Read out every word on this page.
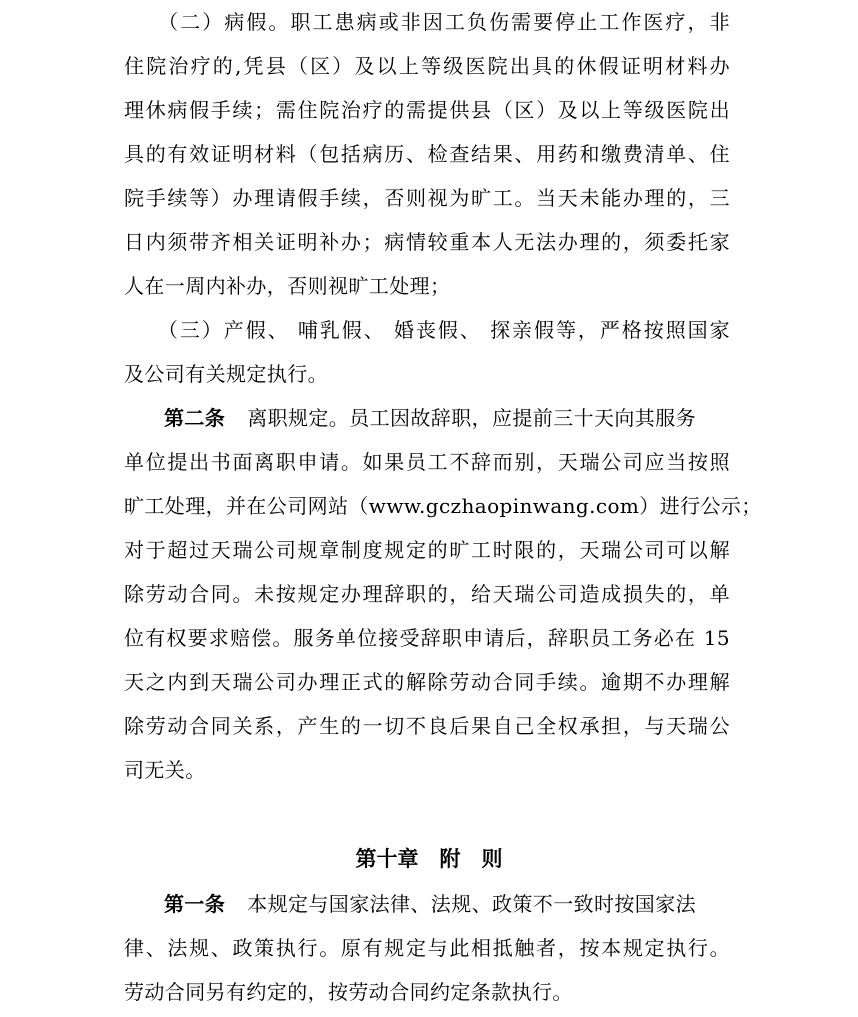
　　（二）病假。职工患病或非因工负伤需要停止工作医疗，非
住院治疗的,凭县（区）及以上等级医院出具的休假证明材料办
理休病假手续；需住院治疗的需提供县（区）及以上等级医院出
具的有效证明材料（包括病历、检查结果、用药和缴费清单、住
院手续等）办理请假手续，否则视为旷工。当天未能办理的，三
日内须带齐相关证明补办；病情较重本人无法办理的，须委托家
人在一周内补办，否则视旷工处理；
　　（三）产假、 哺乳假、 婚丧假、 探亲假等，严格按照国家
及公司有关规定执行。
第二条 离职规定。员工因故辞职，应提前三十天向其服务
单位提出书面离职申请。如果员工不辞而别，天瑞公司应当按照
旷工处理，并在公司网站（www.gczhaopinwang.com）进行公示；
对于超过天瑞公司规章制度规定的旷工时限的，天瑞公司可以解
除劳动合同。未按规定办理辞职的，给天瑞公司造成损失的，单
位有权要求赔偿。服务单位接受辞职申请后，辞职员工务必在 15
天之内到天瑞公司办理正式的解除劳动合同手续。逾期不办理解
除劳动合同关系，产生的一切不良后果自己全权承担，与天瑞公
司无关。
第十章　附　则
第一条 本规定与国家法律、法规、政策不一致时按国家法
律、法规、政策执行。原有规定与此相抵触者，按本规定执行。
劳动合同另有约定的，按劳动合同约定条款执行。
